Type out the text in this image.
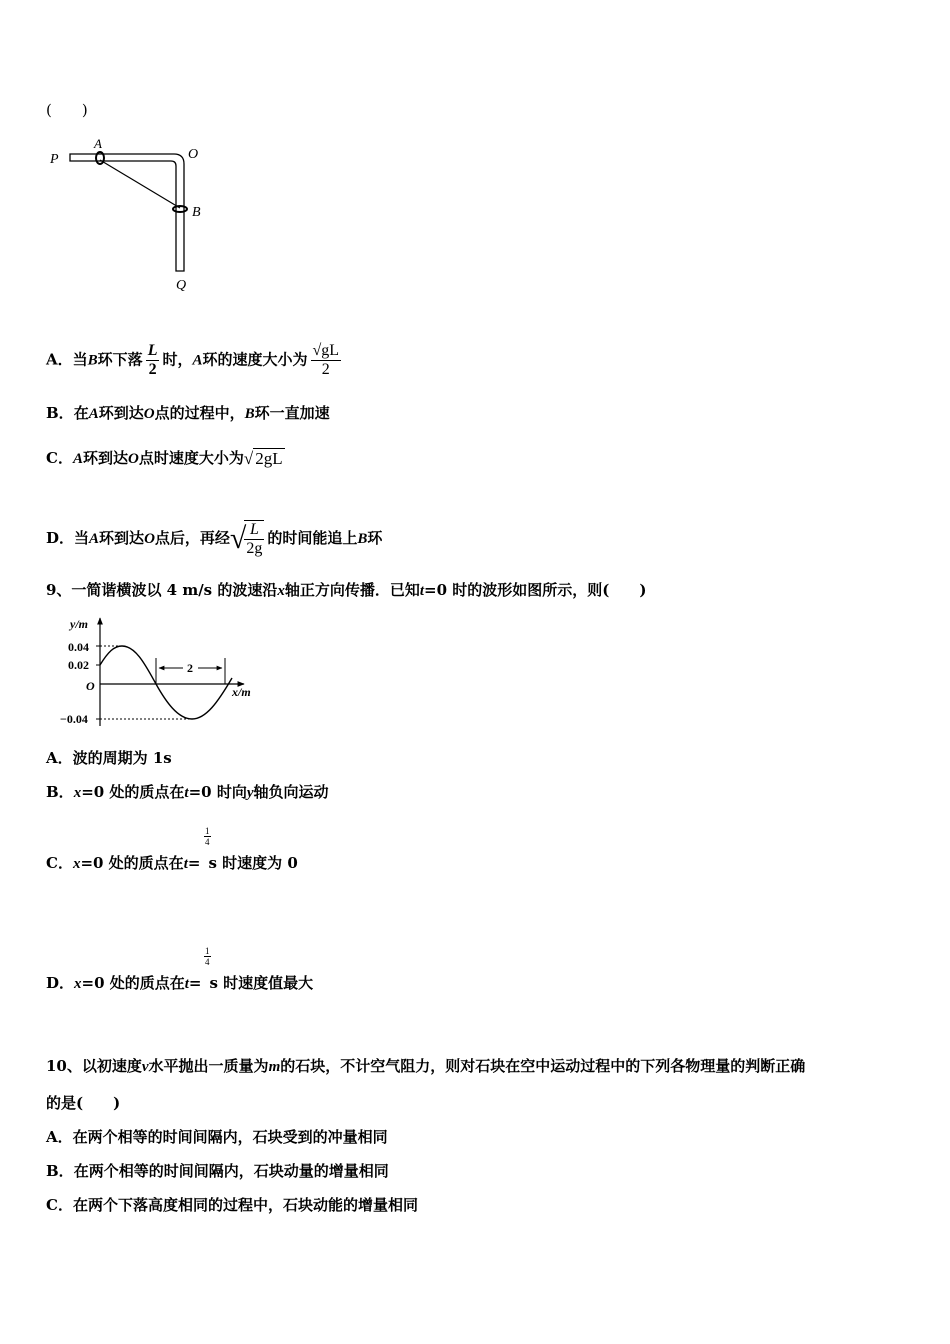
(　　)
P
A
O
B
Q
A．当B环下落 $\frac{L}{2}$ 时，A环的速度大小为 $\frac{√gL}{2}$
B．在A环到达O点的过程中，B环一直加速
C．A环到达O点时速度大小为√ 2gL
D．当A环到达O点后，再经√
$\frac{L}{2g}$ 的时间能追上B环
9、一简谐横波以 4 m/s 的波速沿x轴正方向传播．已知t=0 时的波形如图所示，则(　　)
y/m
x/m
0.04
0.02
O
−0.04
2
A．波的周期为 1s
B．x=0 处的质点在t=0 时向y轴负向运动
1
4
C．x=0 处的质点在t= s 时速度为 0
1
4
D．x=0 处的质点在t= s 时速度值最大
10、以初速度v水平抛出一质量为m的石块，不计空气阻力，则对石块在空中运动过程中的下列各物理量的判断正确
的是(　　)
A．在两个相等的时间间隔内，石块受到的冲量相同
B．在两个相等的时间间隔内，石块动量的增量相同
C．在两个下落高度相同的过程中，石块动能的增量相同
